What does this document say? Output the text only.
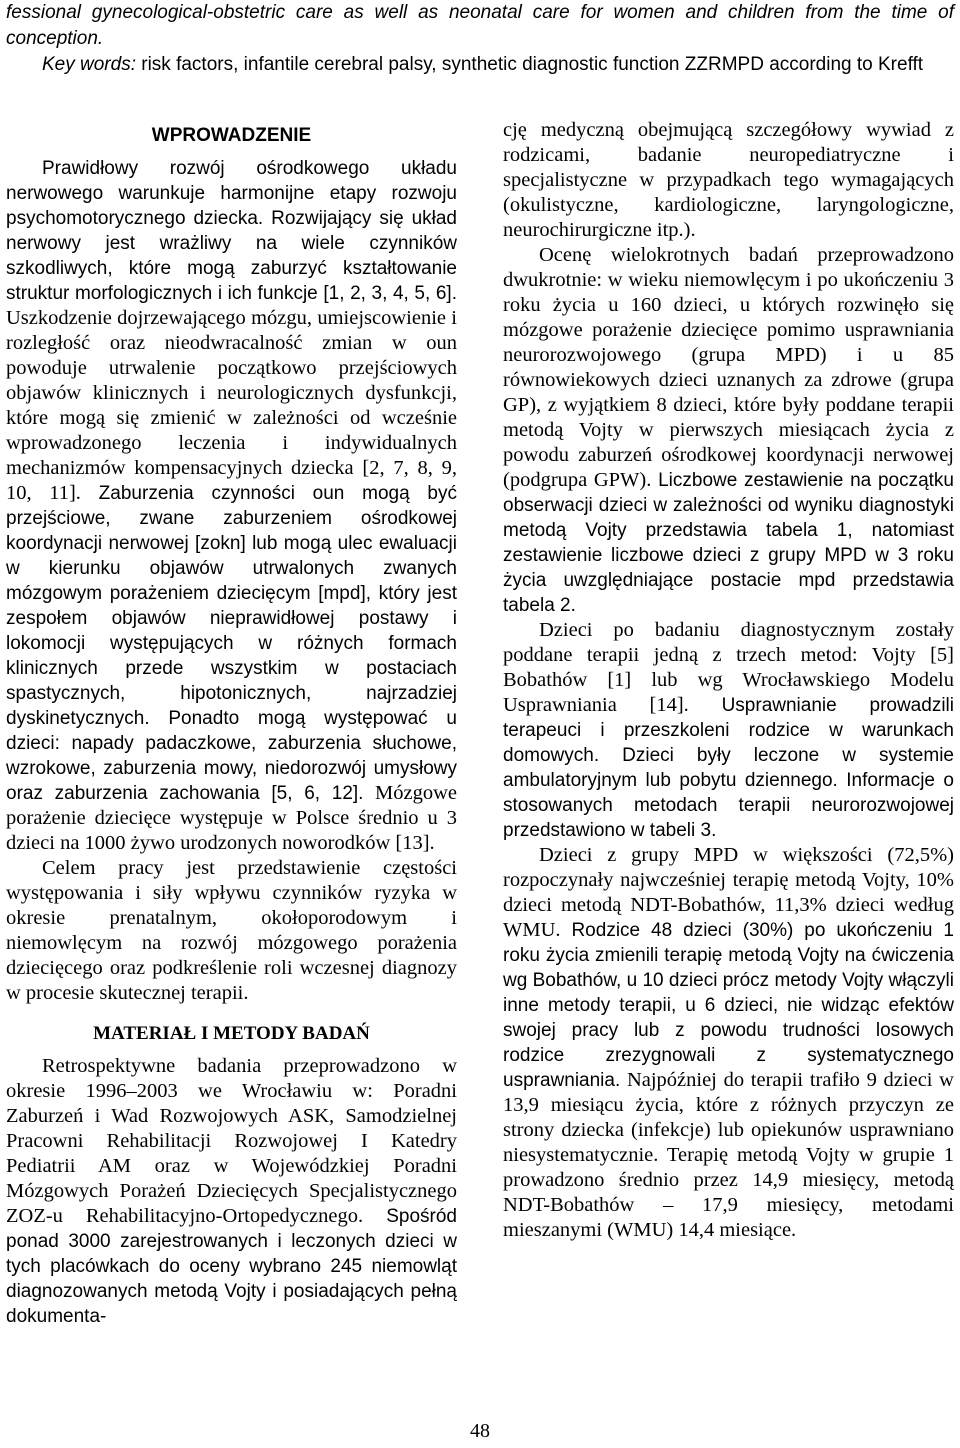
fessional gynecological-obstetric care as well as neonatal care for women and children from the time of conception.

Key words: risk factors, infantile cerebral palsy, synthetic diagnostic function ZZRMPD according to Krefft

WPROWADZENIE

Prawidłowy rozwój ośrodkowego układu nerwowego warunkuje harmonijne etapy rozwoju psychomotorycznego dziecka. Rozwijający się układ nerwowy jest wrażliwy na wiele czynników szkodliwych, które mogą zaburzyć kształtowanie struktur morfologicznych i ich funkcje [1, 2, 3, 4, 5, 6]. Uszkodzenie dojrzewającego mózgu, umiejscowienie i rozległość oraz nieodwracalność zmian w oun powoduje utrwalenie początkowo przejściowych objawów klinicznych i neurologicznych dysfunkcji, które mogą się zmienić w zależności od wcześnie wprowadzonego leczenia i indywidualnych mechanizmów kompensacyjnych dziecka [2, 7, 8, 9, 10, 11]. Zaburzenia czynności oun mogą być przejściowe, zwane zaburzeniem ośrodkowej koordynacji nerwowej [zokn] lub mogą ulec ewaluacji w kierunku objawów utrwalonych zwanych mózgowym porażeniem dziecięcym [mpd], który jest zespołem objawów nieprawidłowej postawy i lokomocji występujących w różnych formach klinicznych przede wszystkim w postaciach spastycznych, hipotonicznych, najrzadziej dyskinetycznych. Ponadto mogą występować u dzieci: napady padaczkowe, zaburzenia słuchowe, wzrokowe, zaburzenia mowy, niedorozwój umysłowy oraz zaburzenia zachowania [5, 6, 12]. Mózgowe porażenie dziecięce występuje w Polsce średnio u 3 dzieci na 1000 żywo urodzonych noworodków [13].

Celem pracy jest przedstawienie częstości występowania i siły wpływu czynników ryzyka w okresie prenatalnym, okołoporodowym i niemowlęcym na rozwój mózgowego porażenia dziecięcego oraz podkreślenie roli wczesnej diagnozy w procesie skutecznej terapii.

MATERIAŁ I METODY BADAŃ

Retrospektywne badania przeprowadzono w okresie 1996–2003 we Wrocławiu w: Poradni Zaburzeń i Wad Rozwojowych ASK, Samodzielnej Pracowni Rehabilitacji Rozwojowej I Katedry Pediatrii AM oraz w Wojewódzkiej Poradni Mózgowych Porażeń Dziecięcych Specjalistycznego ZOZ-u Rehabilitacyjno-Ortopedycznego. Spośród ponad 3000 zarejestrowanych i leczonych dzieci w tych placówkach do oceny wybrano 245 niemowląt diagnozowanych metodą Vojty i posiadających pełną dokumenta-

cję medyczną obejmującą szczegółowy wywiad z rodzicami, badanie neuropediatryczne i specjalistyczne w przypadkach tego wymagających (okulistyczne, kardiologiczne, laryngologiczne, neurochirurgiczne itp.).

Ocenę wielokrotnych badań przeprowadzono dwukrotnie: w wieku niemowlęcym i po ukończeniu 3 roku życia u 160 dzieci, u których rozwinęło się mózgowe porażenie dziecięce pomimo usprawniania neurorozwojowego (grupa MPD) i u 85 równowiekowych dzieci uznanych za zdrowe (grupa GP), z wyjątkiem 8 dzieci, które były poddane terapii metodą Vojty w pierwszych miesiącach życia z powodu zaburzeń ośrodkowej koordynacji nerwowej (podgrupa GPW). Liczbowe zestawienie na początku obserwacji dzieci w zależności od wyniku diagnostyki metodą Vojty przedstawia tabela 1, natomiast zestawienie liczbowe dzieci z grupy MPD w 3 roku życia uwzględniające postacie mpd przedstawia tabela 2.

Dzieci po badaniu diagnostycznym zostały poddane terapii jedną z trzech metod: Vojty [5] Bobathów [1] lub wg Wrocławskiego Modelu Usprawniania [14]. Usprawnianie prowadzili terapeuci i przeszkoleni rodzice w warunkach domowych. Dzieci były leczone w systemie ambulatoryjnym lub pobytu dziennego. Informacje o stosowanych metodach terapii neurorozwojowej przedstawiono w tabeli 3.

Dzieci z grupy MPD w większości (72,5%) rozpoczynały najwcześniej terapię metodą Vojty, 10% dzieci metodą NDT-Bobathów, 11,3% dzieci według WMU. Rodzice 48 dzieci (30%) po ukończeniu 1 roku życia zmienili terapię metodą Vojty na ćwiczenia wg Bobathów, u 10 dzieci prócz metody Vojty włączyli inne metody terapii, u 6 dzieci, nie widząc efektów swojej pracy lub z powodu trudności losowych rodzice zrezygnowali z systematycznego usprawniania. Najpóźniej do terapii trafiło 9 dzieci w 13,9 miesiącu życia, które z różnych przyczyn ze strony dziecka (infekcje) lub opiekunów usprawniano niesystematycznie. Terapię metodą Vojty w grupie 1 prowadzono średnio przez 14,9 miesięcy, metodą NDT-Bobathów – 17,9 miesięcy, metodami mieszanymi (WMU) 14,4 miesiące.

48
